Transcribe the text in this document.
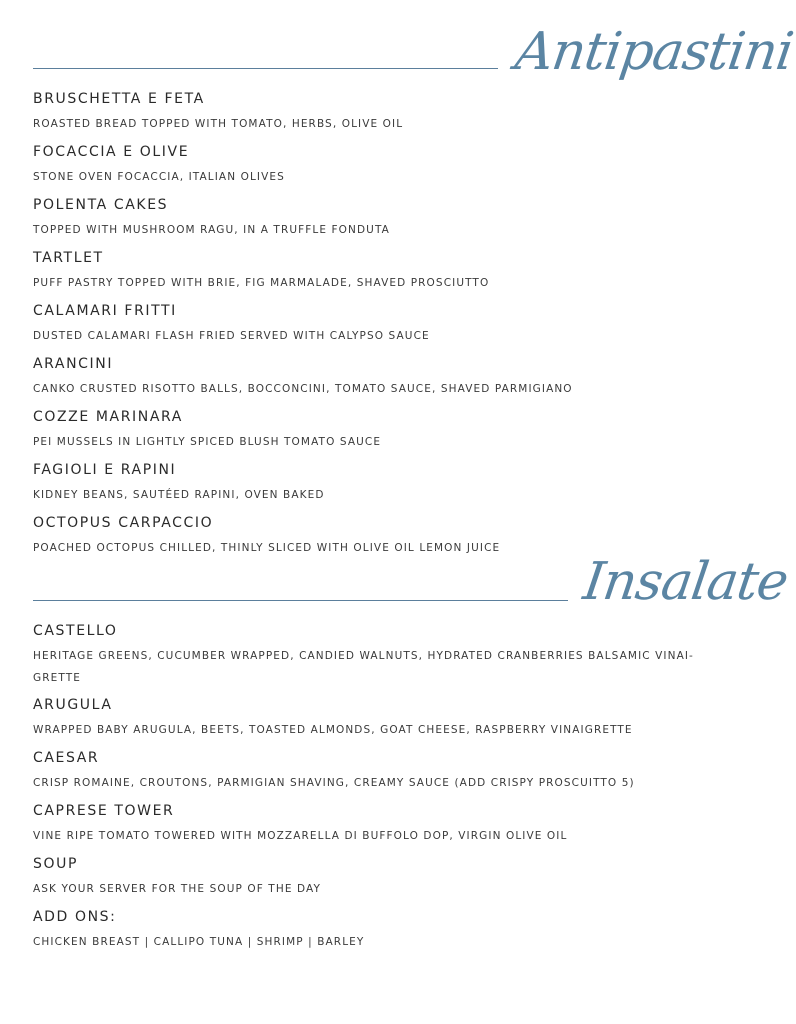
Antipastini
BRUSCHETTA E FETA
ROASTED BREAD TOPPED WITH TOMATO, HERBS, OLIVE OIL
FOCACCIA E OLIVE
STONE OVEN FOCACCIA, ITALIAN OLIVES
POLENTA CAKES
TOPPED WITH MUSHROOM RAGU, IN A TRUFFLE FONDUTA
TARTLET
PUFF PASTRY TOPPED WITH BRIE, FIG MARMALADE, SHAVED PROSCIUTTO
CALAMARI FRITTI
DUSTED CALAMARI FLASH FRIED SERVED WITH CALYPSO SAUCE
ARANCINI
CANKO CRUSTED RISOTTO BALLS, BOCCONCINI, TOMATO SAUCE, SHAVED PARMIGIANO
COZZE MARINARA
PEI MUSSELS IN LIGHTLY SPICED BLUSH TOMATO SAUCE
FAGIOLI E RAPINI
KIDNEY BEANS, SAUTÉED RAPINI, OVEN BAKED
OCTOPUS CARPACCIO
POACHED OCTOPUS CHILLED, THINLY SLICED WITH OLIVE OIL LEMON JUICE
Insalate
CASTELLO
HERITAGE GREENS, CUCUMBER WRAPPED, CANDIED WALNUTS, HYDRATED CRANBERRIES BALSAMIC VINAI-GRETTE
ARUGULA
WRAPPED BABY ARUGULA, BEETS, TOASTED ALMONDS, GOAT CHEESE, RASPBERRY VINAIGRETTE
CAESAR
CRISP ROMAINE, CROUTONS, PARMIGIAN SHAVING, CREAMY SAUCE (ADD CRISPY PROSCUITTO 5)
CAPRESE TOWER
VINE RIPE TOMATO TOWERED WITH MOZZARELLA DI BUFFOLO DOP, VIRGIN OLIVE OIL
SOUP
ASK YOUR SERVER FOR THE SOUP OF THE DAY
ADD ONS:
CHICKEN BREAST | CALLIPO TUNA | SHRIMP | BARLEY
